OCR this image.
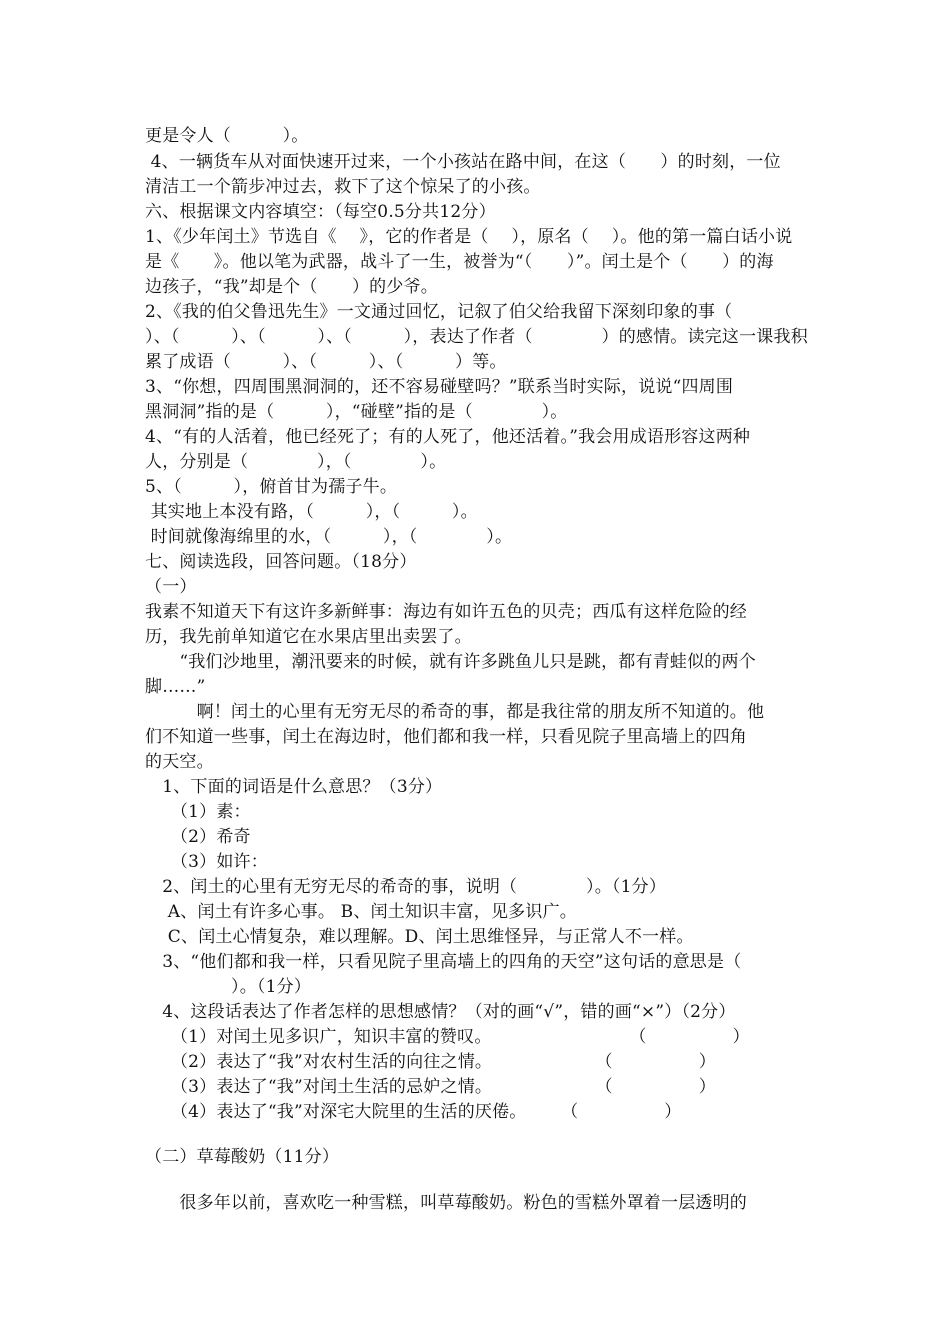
更是令人（　　　）。
4、一辆货车从对面快速开过来，一个小孩站在路中间，在这（　　）的时刻，一位
清洁工一个箭步冲过去，救下了这个惊呆了的小孩。
六、根据课文内容填空：（每空0.5分共12分）
1、《少年闰土》节选自《　 》，它的作者是（　 ），原名（　 ）。他的第一篇白话小说
是《　　》。他以笔为武器，战斗了一生，被誉为“（　　）”。闰土是个（　　）的海
边孩子，“我”却是个（　　）的少爷。
2、《我的伯父鲁迅先生》一文通过回忆，记叙了伯父给我留下深刻印象的事（
）、（　　　）、（　　　）、（　　　），表达了作者（　　　　）的感情。读完这一课我积
累了成语（　　　）、（　　　）、（　　　）等。
3、“你想，四周围黑洞洞的，还不容易碰壁吗？”联系当时实际，说说“四周围
黑洞洞”指的是（　　　），“碰壁”指的是（　　　　）。
4、“有的人活着，他已经死了；有的人死了，他还活着。”我会用成语形容这两种
人，分别是（　　　　），（　　　　）。
5、（　　　），俯首甘为孺子牛。
其实地上本没有路，（　　　），（　　　）。
时间就像海绵里的水，（　　　），（　　　　）。
七、阅读选段，回答问题。（18分）
（一）
我素不知道天下有这许多新鲜事：海边有如许五色的贝壳；西瓜有这样危险的经
历，我先前单知道它在水果店里出卖罢了。
　　“我们沙地里，潮汛要来的时候，就有许多跳鱼儿只是跳，都有青蛙似的两个
脚……”
　　　啊！闰土的心里有无穷无尽的希奇的事，都是我往常的朋友所不知道的。他
们不知道一些事，闰土在海边时，他们都和我一样，只看见院子里高墙上的四角
的天空。
　1、下面的词语是什么意思？（3分）
　　（1）素：
　　（2）希奇
　　（3）如许：
　2、闰土的心里有无穷无尽的希奇的事，说明（　　　　）。（1分）
　 A、闰土有许多心事。 B、闰土知识丰富，见多识广。
　 C、闰土心情复杂，难以理解。D、闰土思维怪异，与正常人不一样。
　3、“他们都和我一样，只看见院子里高墙上的四角的天空”这句话的意思是（
　　　　　）。（1分）
　4、这段话表达了作者怎样的思想感情？（对的画“√”，错的画“×”）（2分）
　　（1）对闰土见多识广，知识丰富的赞叹。　　　　　　　　　（　　　　　）
　　（2）表达了“我”对农村生活的向往之情。　　　　　　　（　　　　　）
　　（3）表达了“我”对闰土生活的忌妒之情。　　　　　　　（　　　　　）
　　（4）表达了“我”对深宅大院里的生活的厌倦。　　　（　　　　　）
（二）草莓酸奶（11分）
　　很多年以前，喜欢吃一种雪糕，叫草莓酸奶。粉色的雪糕外罩着一层透明的
